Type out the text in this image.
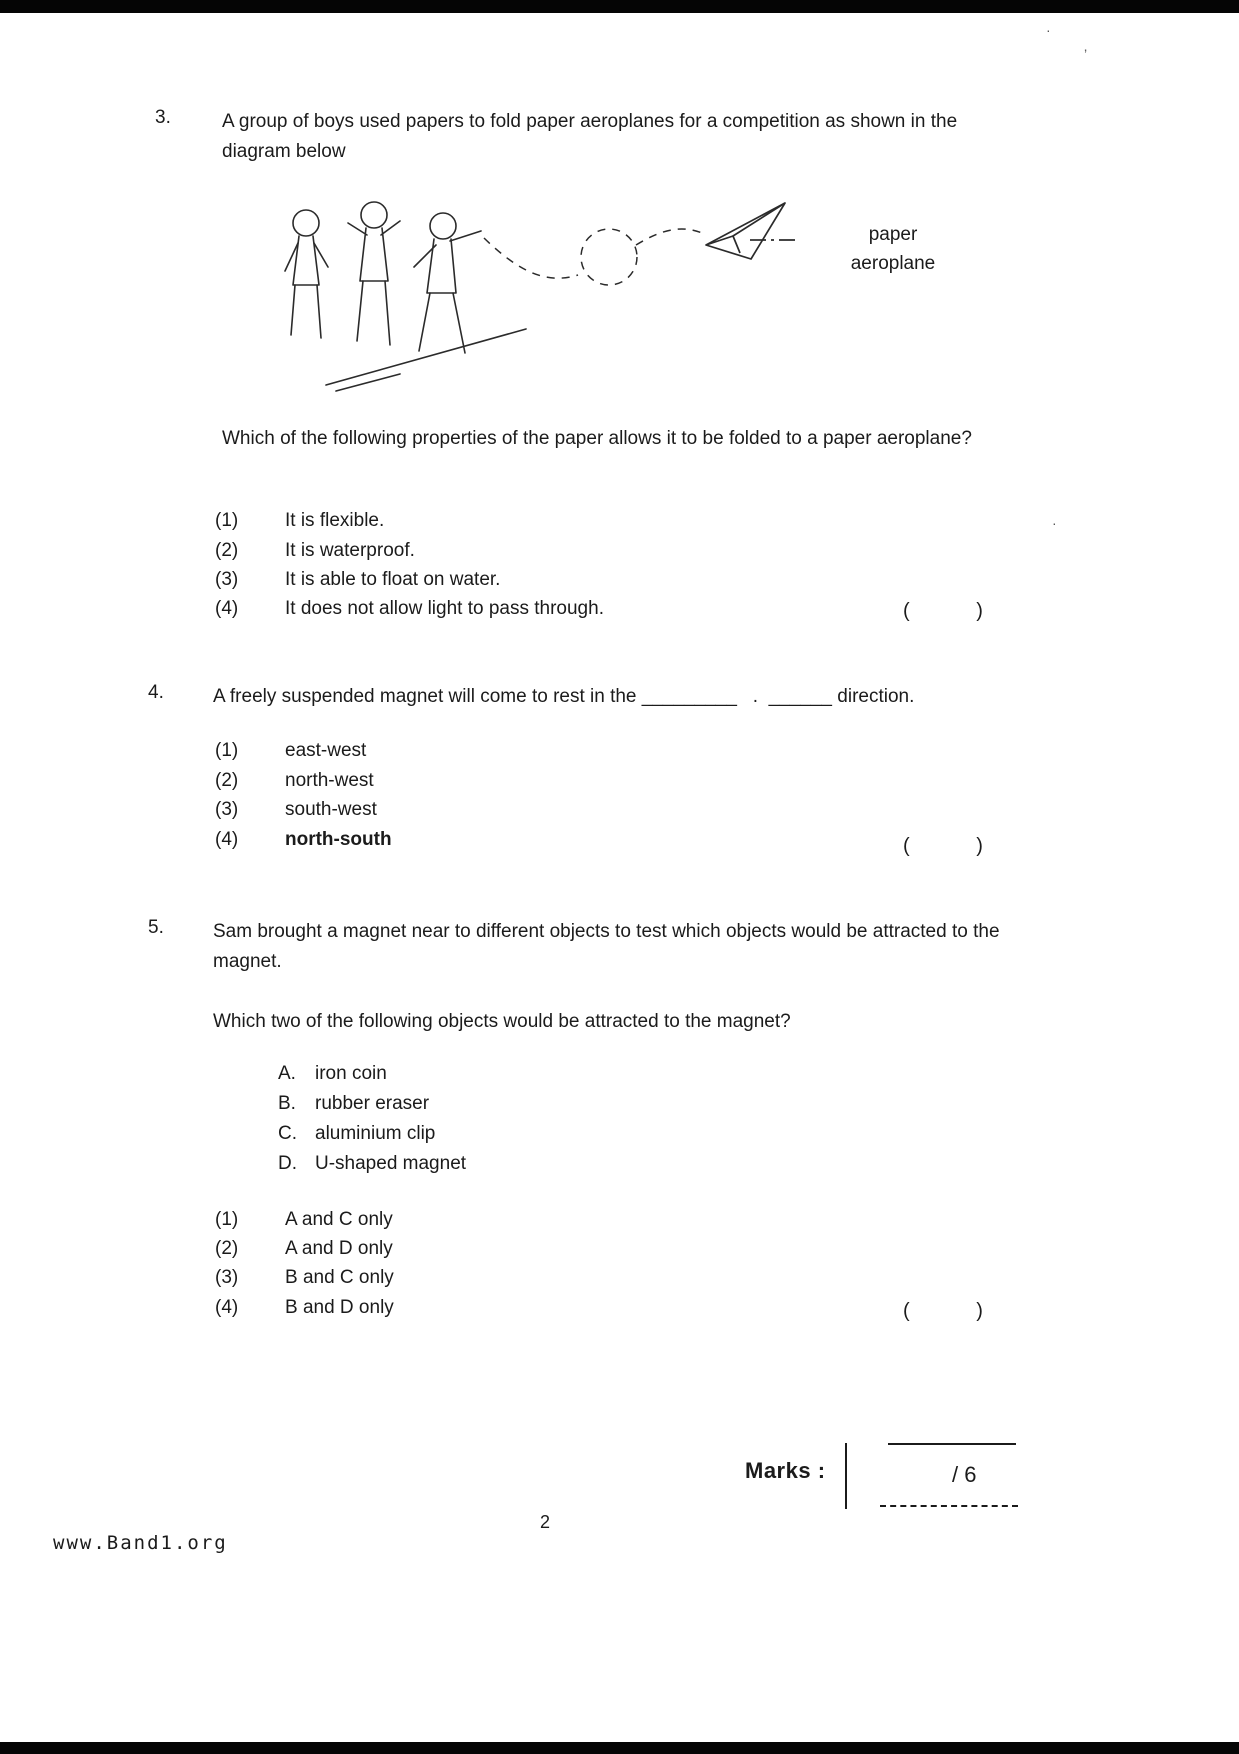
·
’
·
3.	A group of boys used papers to fold paper aeroplanes for a competition as shown in the diagram below
paper
aeroplane
Which of the following properties of the paper allows it to be folded to a paper aeroplane?
(1) It is flexible.
(2) It is waterproof.
(3) It is able to float on water.
(4) It does not allow light to pass through.	(          )
4.	A freely suspended magnet will come to rest in the _________   .  ______ direction.
(1) east-west
(2) north-west
(3) south-west
(4) north-south	(          )
5.	Sam brought a magnet near to different objects to test which objects would be attracted to the magnet.
Which two of the following objects would be attracted to the magnet?
A. iron coin
B. rubber eraser
C. aluminium clip
D. U-shaped magnet
(1) A and C only
(2) A and D only
(3) B and C only
(4) B and D only	(          )
Marks :	/ 6
2
www.Band1.org
